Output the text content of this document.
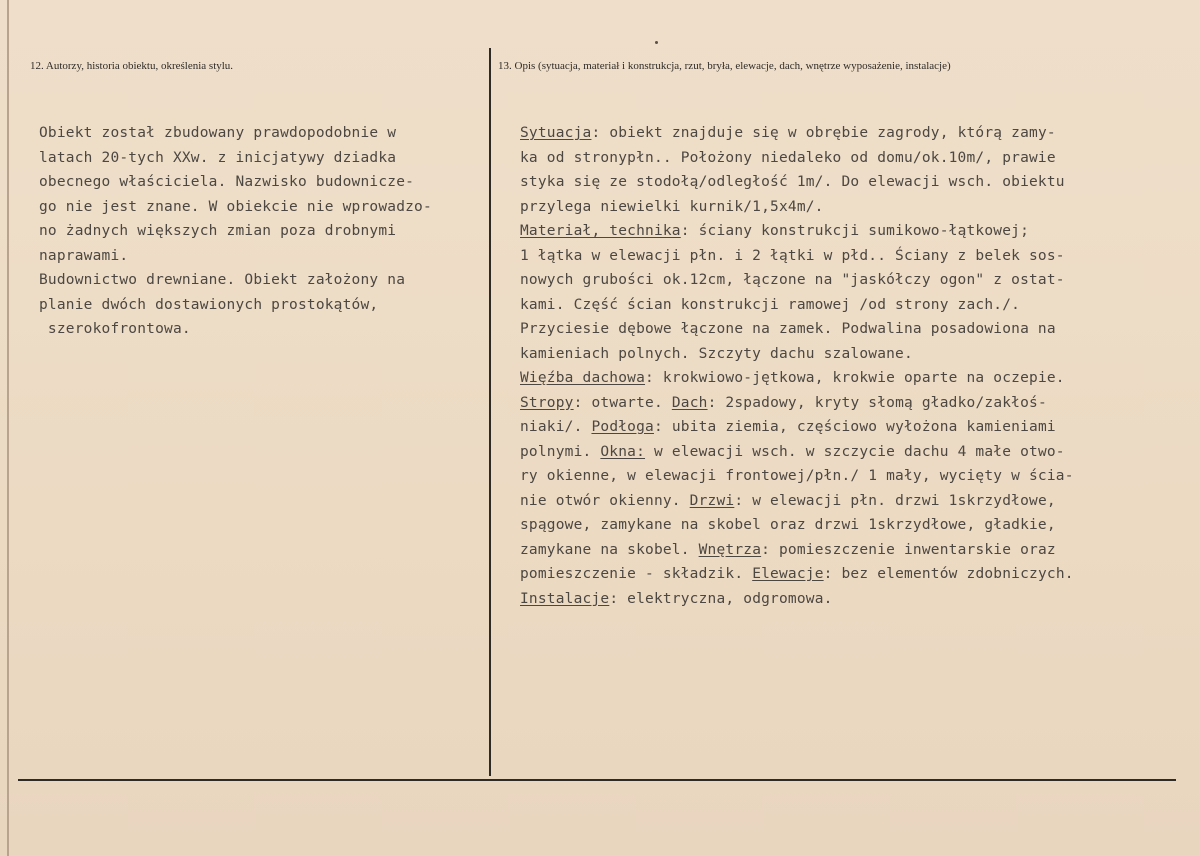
12. Autorzy, historia obiektu, określenia stylu.	13. Opis (sytuacja, materiał i konstrukcja, rzut, bryła, elewacje, dach, wnętrze wyposażenie, instalacje)
Obiekt został zbudowany prawdopodobnie w
latach 20-tych XXw. z inicjatywy dziadka
obecnego właściciela. Nazwisko budownicze-
go nie jest znane. W obiekcie nie wprowadzo-
no żadnych większych zmian poza drobnymi
naprawami.
Budownictwo drewniane. Obiekt założony na
planie dwóch dostawionych prostokątów,
szerokofrontowa.
Sytuacja: obiekt znajduje się w obrębie zagrody, którą zamy-
ka od stronypłn.. Położony niedaleko od domu/ok.10m/, prawie
styka się ze stodołą/odległość 1m/. Do elewacji wsch. obiektu
przylega niewielki kurnik/1,5x4m/.
Materiał, technika: ściany konstrukcji sumikowo-łątkowej;
1 łątka w elewacji płn. i 2 łątki w płd.. Ściany z belek sos-
nowych grubości ok.12cm, łączone na "jaskółczy ogon" z ostat-
kami. Część ścian konstrukcji ramowej /od strony zach./.
Przyciesie dębowe łączone na zamek. Podwalina posadowiona na
kamieniach polnych. Szczyty dachu szalowane.
Więźba dachowa: krokwiowo-jętkowa, krokwie oparte na oczepie.
Stropy: otwarte. Dach: 2spadowy, kryty słomą gładko/zakłoś-
niaki/. Podłoga: ubita ziemia, częściowo wyłożona kamieniami
polnymi. Okna: w elewacji wsch. w szczycie dachu 4 małe otwo-
ry okienne, w elewacji frontowej/płn./ 1 mały, wycięty w ścia-
nie otwór okienny. Drzwi: w elewacji płn. drzwi 1skrzydłowe,
spągowe, zamykane na skobel oraz drzwi 1skrzydłowe, gładkie,
zamykane na skobel. Wnętrza: pomieszczenie inwentarskie oraz
pomieszczenie - składzik. Elewacje: bez elementów zdobniczych.
Instalacje: elektryczna, odgromowa.
